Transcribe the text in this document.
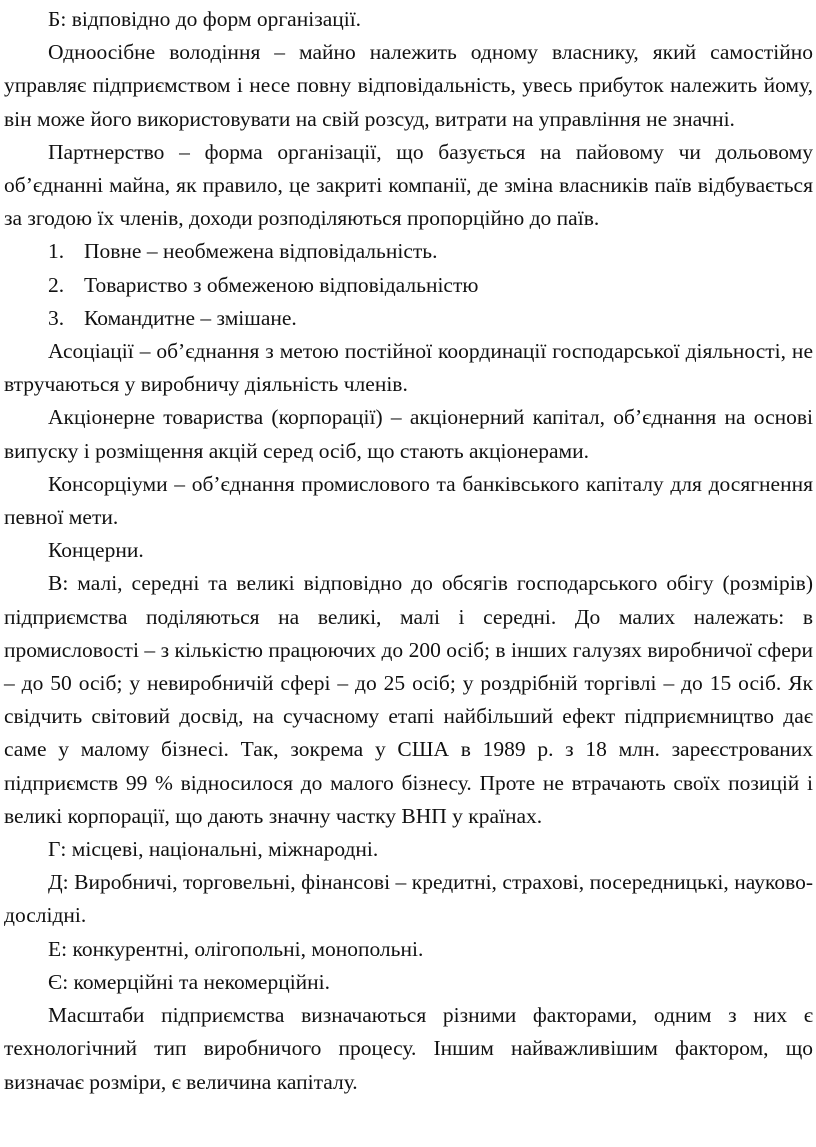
Б: відповідно до форм організації.

Одноосібне володіння – майно належить одному власнику, який самостійно управляє підприємством і несе повну відповідальність, увесь прибуток належить йому, він може його використовувати на свій розсуд, витрати на управління не значні.

Партнерство – форма організації, що базується на пайовому чи дольовому об’єднанні майна, як правило, це закриті компанії, де зміна власників паїв відбувається за згодою їх членів, доходи розподіляються пропорційно до паїв.

1. Повне – необмежена відповідальність.

2. Товариство з обмеженою відповідальністю

3. Командитне – змішане.

Асоціації – об’єднання з метою постійної координації господарської діяльності, не втручаються у виробничу діяльність членів.

Акціонерне товариства (корпорації) – акціонерний капітал, об’єднання на основі випуску і розміщення акцій серед осіб, що стають акціонерами.

Консорціуми – об’єднання промислового та банківського капіталу для досягнення певної мети.

Концерни.

В: малі, середні та великі відповідно до обсягів господарського обігу (розмірів) підприємства поділяються на великі, малі і середні. До малих належать: в промисловості – з кількістю працюючих до 200 осіб; в інших галузях виробничої сфери – до 50 осіб; у невиробничій сфері – до 25 осіб; у роздрібній торгівлі – до 15 осіб. Як свідчить світовий досвід, на сучасному етапі найбільший ефект підприємництво дає саме у малому бізнесі. Так, зокрема у США в 1989 р. з 18 млн. зареєстрованих підприємств 99 % відносилося до малого бізнесу. Проте не втрачають своїх позицій і великі корпорації, що дають значну частку ВНП у країнах.

Г: місцеві, національні, міжнародні.

Д: Виробничі, торговельні, фінансові – кредитні, страхові, посередницькі, науково-дослідні.

Е: конкурентні, олігопольні, монопольні.

Є: комерційні та некомерційні.

Масштаби підприємства визначаються різними факторами, одним з них є технологічний тип виробничого процесу. Іншим найважливішим фактором, що визначає розміри, є величина капіталу.
